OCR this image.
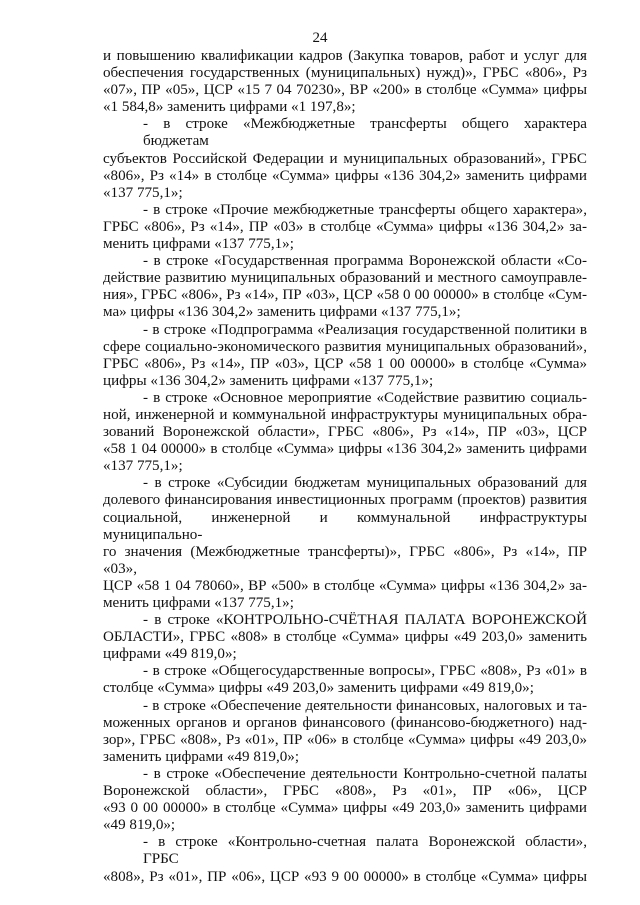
24
и повышению квалификации кадров (Закупка товаров, работ и услуг для
обеспечения государственных (муниципальных) нужд)», ГРБС «806», Рз
«07», ПР «05», ЦСР «15 7 04 70230», ВР «200» в столбце «Сумма» цифры
«1 584,8» заменить цифрами «1 197,8»;
- в строке «Межбюджетные трансферты общего характера бюджетам
субъектов Российской Федерации и муниципальных образований», ГРБС
«806», Рз «14» в столбце «Сумма» цифры «136 304,2» заменить цифрами
«137 775,1»;
- в строке «Прочие межбюджетные трансферты общего характера»,
ГРБС «806», Рз «14», ПР «03» в столбце «Сумма» цифры «136 304,2» за-
менить цифрами «137 775,1»;
- в строке «Государственная программа Воронежской области «Со-
действие развитию муниципальных образований и местного самоуправле-
ния», ГРБС «806», Рз «14», ПР «03», ЦСР «58 0 00 00000» в столбце «Сум-
ма» цифры «136 304,2» заменить цифрами «137 775,1»;
- в строке «Подпрограмма «Реализация государственной политики в
сфере социально-экономического развития муниципальных образований»,
ГРБС «806», Рз «14», ПР «03», ЦСР «58 1 00 00000» в столбце «Сумма»
цифры «136 304,2» заменить цифрами «137 775,1»;
- в строке «Основное мероприятие «Содействие развитию социаль-
ной, инженерной и коммунальной инфраструктуры муниципальных обра-
зований Воронежской области», ГРБС «806», Рз «14», ПР «03», ЦСР
«58 1 04 00000» в столбце «Сумма» цифры «136 304,2» заменить цифрами
«137 775,1»;
- в строке «Субсидии бюджетам муниципальных образований для
долевого финансирования инвестиционных программ (проектов) развития
социальной, инженерной и коммунальной инфраструктуры муниципально-
го значения (Межбюджетные трансферты)», ГРБС «806», Рз «14», ПР «03»,
ЦСР «58 1 04 78060», ВР «500» в столбце «Сумма» цифры «136 304,2» за-
менить цифрами «137 775,1»;
- в строке «КОНТРОЛЬНО-СЧЁТНАЯ ПАЛАТА ВОРОНЕЖСКОЙ
ОБЛАСТИ», ГРБС «808» в столбце «Сумма» цифры «49 203,0» заменить
цифрами «49 819,0»;
- в строке «Общегосударственные вопросы», ГРБС «808», Рз «01» в
столбце «Сумма» цифры «49 203,0» заменить цифрами «49 819,0»;
- в строке «Обеспечение деятельности финансовых, налоговых и та-
моженных органов и органов финансового (финансово-бюджетного) над-
зор», ГРБС «808», Рз «01», ПР «06» в столбце «Сумма» цифры «49 203,0»
заменить цифрами «49 819,0»;
- в строке «Обеспечение деятельности Контрольно-счетной палаты
Воронежской области», ГРБС «808», Рз «01», ПР «06», ЦСР
«93 0 00 00000» в столбце «Сумма» цифры «49 203,0» заменить цифрами
«49 819,0»;
- в строке «Контрольно-счетная палата Воронежской области», ГРБС
«808», Рз «01», ПР «06», ЦСР «93 9 00 00000» в столбце «Сумма» цифры
